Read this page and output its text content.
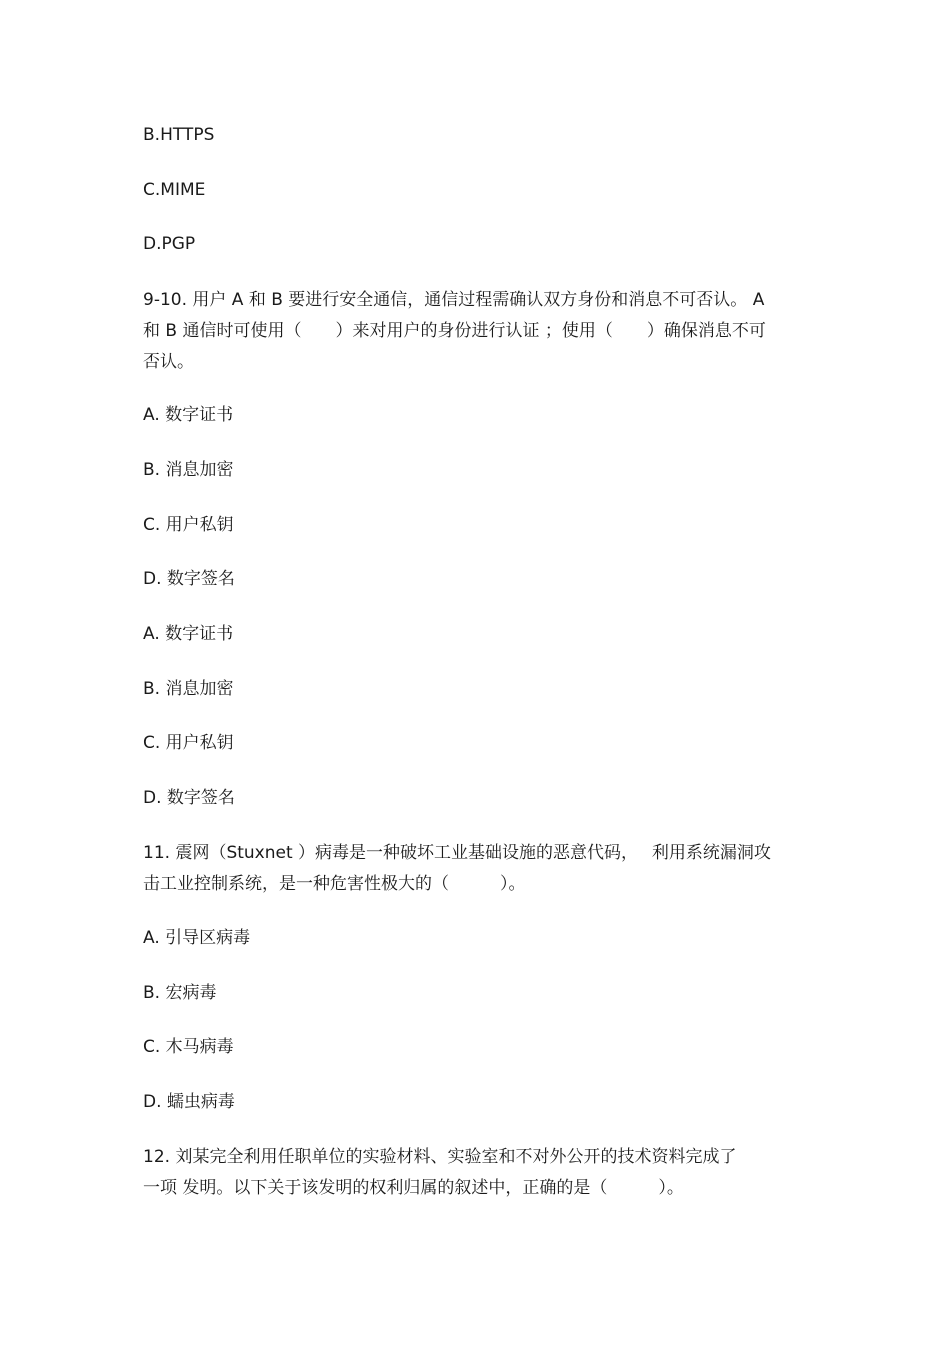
B.HTTPS
C.MIME
D.PGP
9-10. 用户 A 和 B 要进行安全通信，通信过程需确认双方身份和消息不可否认。 A
和 B 通信时可使用（　　）来对用户的身份进行认证 ；使用（　　）确保消息不可
否认。
A. 数字证书
B. 消息加密
C. 用户私钥
D. 数字签名
A. 数字证书
B. 消息加密
C. 用户私钥
D. 数字签名
11. 震网（Stuxnet ）病毒是一种破坏工业基础设施的恶意代码，　 利用系统漏洞攻
击工业控制系统，是一种危害性极大的（　　　）。
A. 引导区病毒
B. 宏病毒
C. 木马病毒
D. 蠕虫病毒
12. 刘某完全利用任职单位的实验材料、实验室和不对外公开的技术资料完成了
一项 发明。以下关于该发明的权利归属的叙述中，正确的是（　　　）。
